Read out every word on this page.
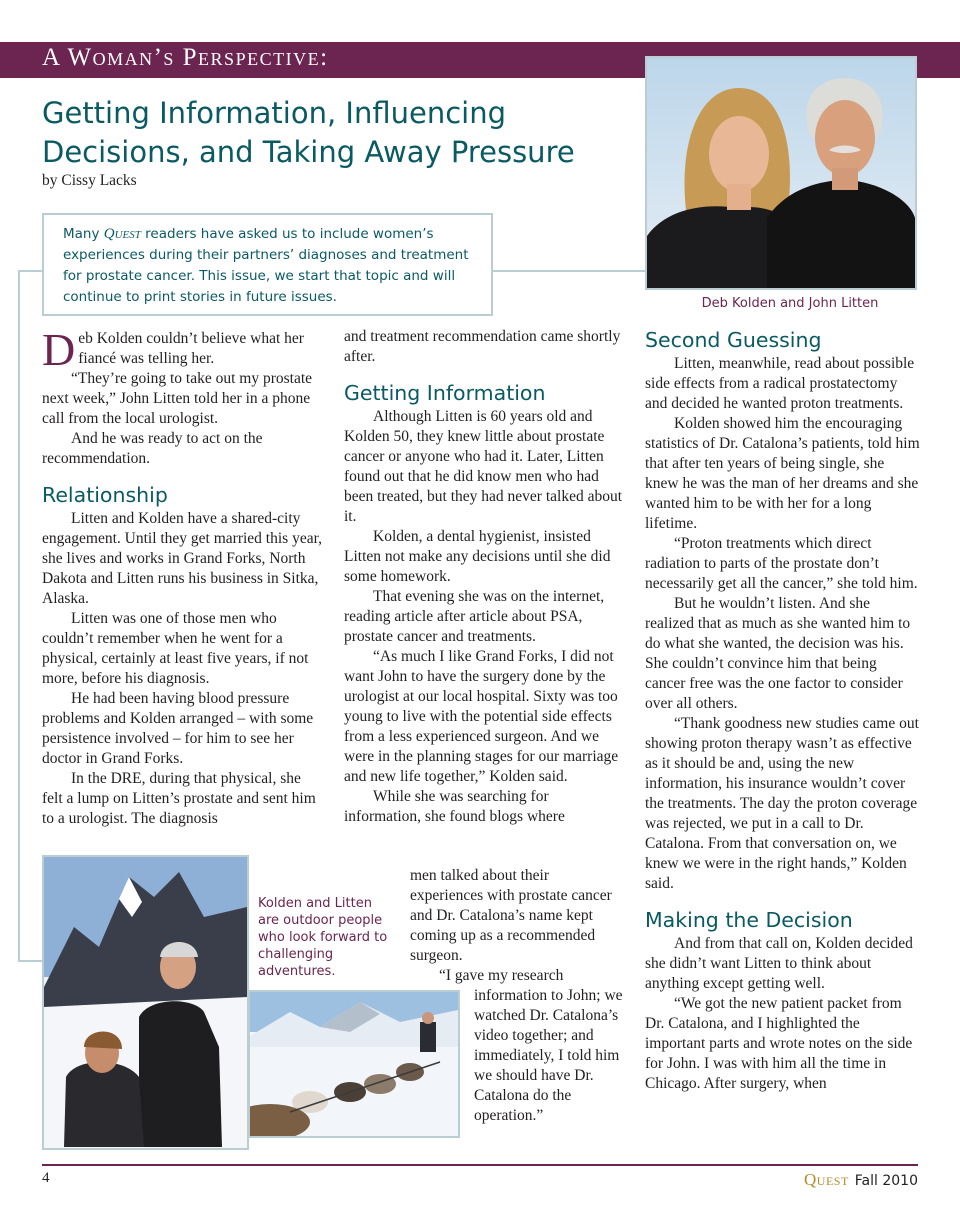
A Woman’s Perspective:
Getting Information, Influencing Decisions, and Taking Away Pressure
by Cissy Lacks
Many Quest readers have asked us to include women’s experiences during their partners’ diagnoses and treatment for prostate cancer. This issue, we start that topic and will continue to print stories in future issues.	Deb Kolden and John Litten

Deb Kolden couldn’t believe what her fiancé was telling her.

“They’re going to take out my prostate next week,” John Litten told her in a phone call from the local urologist.

And he was ready to act on the recommendation.

Relationship

Litten and Kolden have a shared-city engagement. Until they get married this year, she lives and works in Grand Forks, North Dakota and Litten runs his business in Sitka, Alaska.

Litten was one of those men who couldn’t remember when he went for a physical, certainly at least five years, if not more, before his diagnosis.

He had been having blood pressure problems and Kolden arranged – with some persistence involved – for him to see her doctor in Grand Forks.

In the DRE, during that physical, she felt a lump on Litten’s prostate and sent him to a urologist. The diagnosis

and treatment recommendation came shortly after.

Getting Information

Although Litten is 60 years old and Kolden 50, they knew little about prostate cancer or anyone who had it. Later, Litten found out that he did know men who had been treated, but they had never talked about it.

Kolden, a dental hygienist, insisted Litten not make any decisions until she did some homework.

That evening she was on the internet, reading article after article about PSA, prostate cancer and treatments.

“As much I like Grand Forks, I did not want John to have the surgery done by the urologist at our local hospital. Sixty was too young to live with the potential side effects from a less experienced surgeon. And we were in the planning stages for our marriage and new life together,” Kolden said.

While she was searching for information, she found blogs where

men talked about their experiences with prostate cancer and Dr. Catalona’s name kept coming up as a recommended surgeon.

“I gave my research

information to John; we watched Dr. Catalona’s video together; and immediately, I told him we should have Dr. Catalona do the operation.”

Second Guessing

Litten, meanwhile, read about possible side effects from a radical prostatectomy and decided he wanted proton treatments.

Kolden showed him the encouraging statistics of Dr. Catalona’s patients, told him that after ten years of being single, she knew he was the man of her dreams and she wanted him to be with her for a long lifetime.

“Proton treatments which direct radiation to parts of the prostate don’t necessarily get all the cancer,” she told him.

But he wouldn’t listen. And she realized that as much as she wanted him to do what she wanted, the decision was his. She couldn’t convince him that being cancer free was the one factor to consider over all others.

“Thank goodness new studies came out showing proton therapy wasn’t as effective as it should be and, using the new information, his insurance wouldn’t cover the treatments. The day the proton coverage was rejected, we put in a call to Dr. Catalona. From that conversation on, we knew we were in the right hands,” Kolden said.

Making the Decision

And from that call on, Kolden decided she didn’t want Litten to think about anything except getting well.

“We got the new patient packet from Dr. Catalona, and I highlighted the important parts and wrote notes on the side for John. I was with him all the time in Chicago. After surgery, when

Kolden and Litten are outdoor people who look forward to challenging adventures.
4	Quest Fall 2010
